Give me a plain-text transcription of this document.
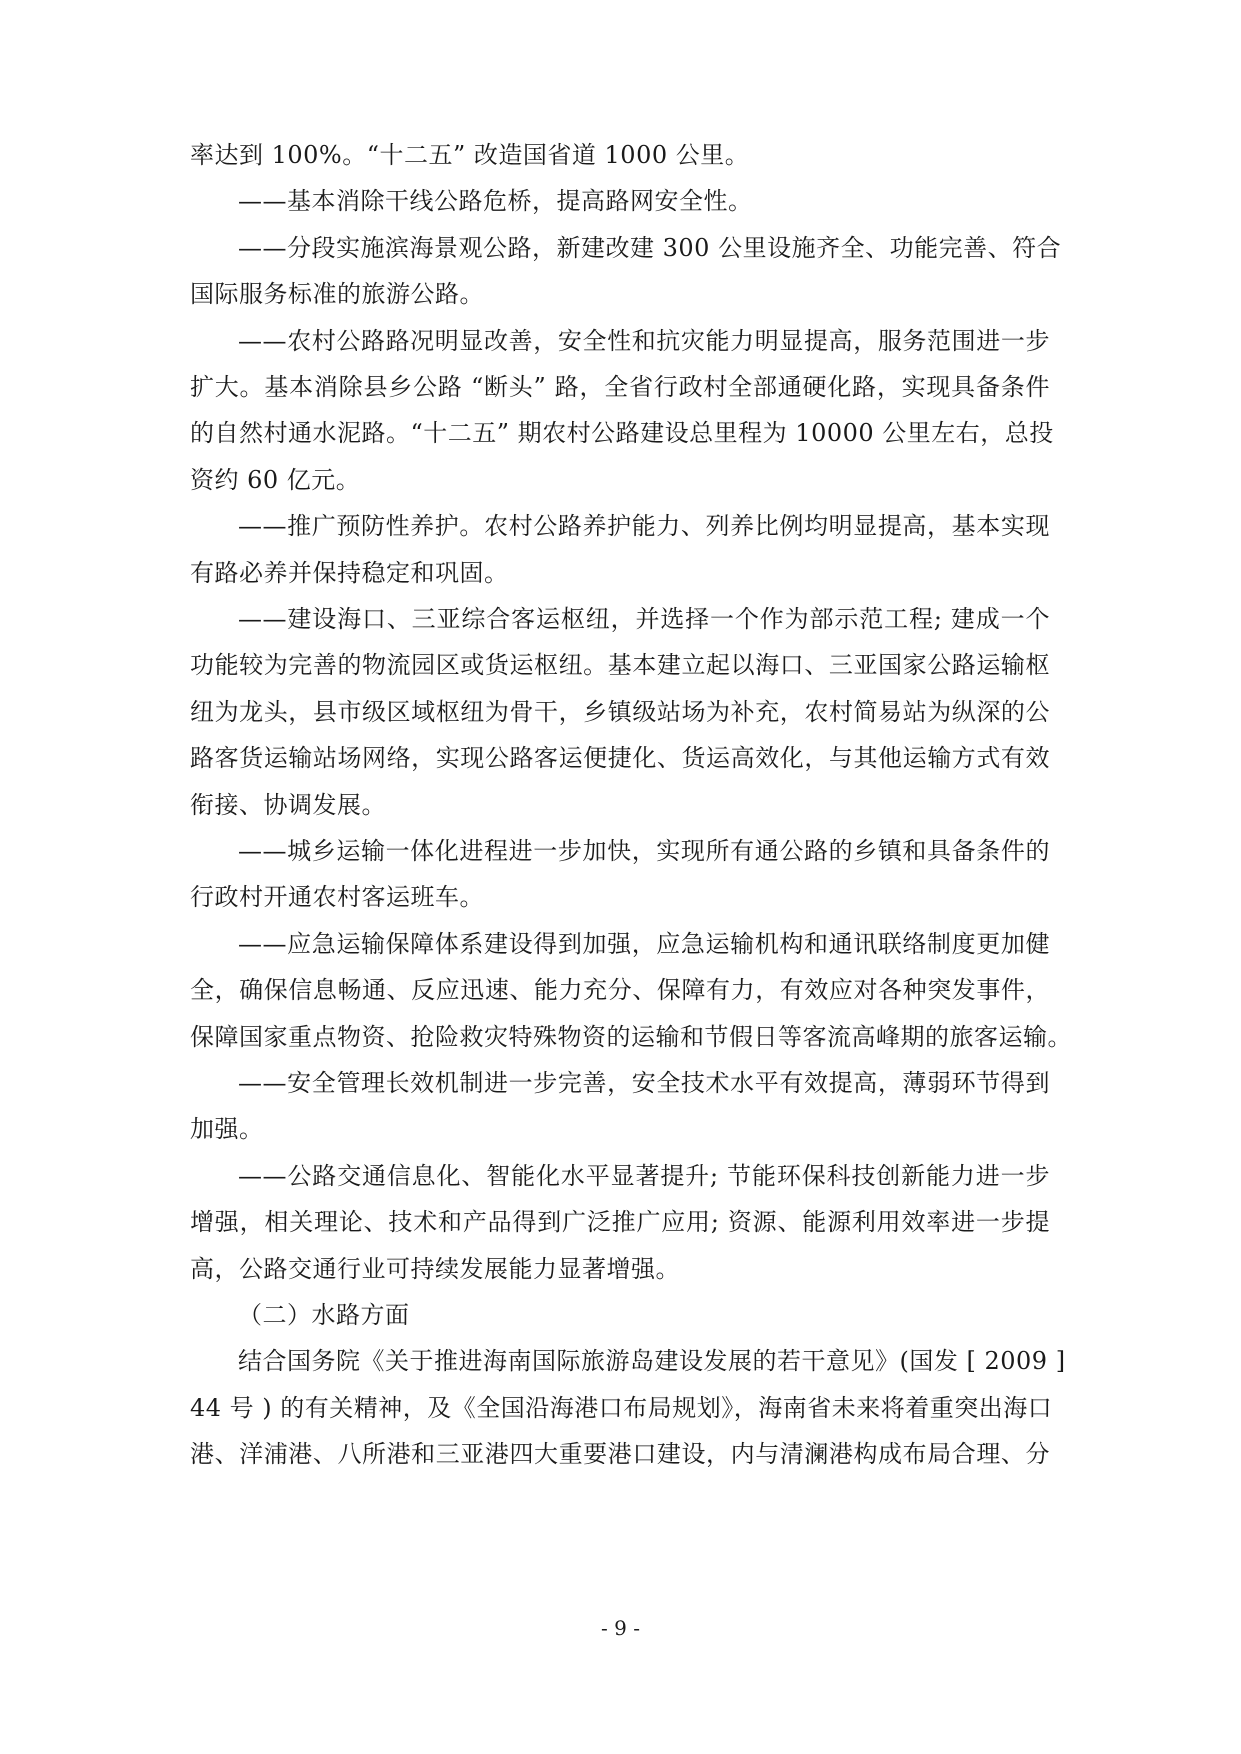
率达到 100%。“十二五” 改造国省道 1000 公里。
——基本消除干线公路危桥，提高路网安全性。
——分段实施滨海景观公路，新建改建 300 公里设施齐全、功能完善、符合
国际服务标准的旅游公路。
——农村公路路况明显改善，安全性和抗灾能力明显提高，服务范围进一步
扩大。基本消除县乡公路 “断头” 路，全省行政村全部通硬化路，实现具备条件
的自然村通水泥路。“十二五” 期农村公路建设总里程为 10000 公里左右，总投
资约 60 亿元。
——推广预防性养护。农村公路养护能力、列养比例均明显提高，基本实现
有路必养并保持稳定和巩固。
——建设海口、三亚综合客运枢纽，并选择一个作为部示范工程; 建成一个
功能较为完善的物流园区或货运枢纽。基本建立起以海口、三亚国家公路运输枢
纽为龙头，县市级区域枢纽为骨干，乡镇级站场为补充，农村简易站为纵深的公
路客货运输站场网络，实现公路客运便捷化、货运高效化，与其他运输方式有效
衔接、协调发展。
——城乡运输一体化进程进一步加快，实现所有通公路的乡镇和具备条件的
行政村开通农村客运班车。
——应急运输保障体系建设得到加强，应急运输机构和通讯联络制度更加健
全，确保信息畅通、反应迅速、能力充分、保障有力，有效应对各种突发事件，
保障国家重点物资、抢险救灾特殊物资的运输和节假日等客流高峰期的旅客运输。
——安全管理长效机制进一步完善，安全技术水平有效提高，薄弱环节得到
加强。
——公路交通信息化、智能化水平显著提升; 节能环保科技创新能力进一步
增强，相关理论、技术和产品得到广泛推广应用; 资源、能源利用效率进一步提
高，公路交通行业可持续发展能力显著增强。
（二）水路方面
结合国务院《关于推进海南国际旅游岛建设发展的若干意见》(国发 [ 2009 ]
44 号 ) 的有关精神，及《全国沿海港口布局规划》，海南省未来将着重突出海口
港、洋浦港、八所港和三亚港四大重要港口建设，内与清澜港构成布局合理、分
- 9 -
